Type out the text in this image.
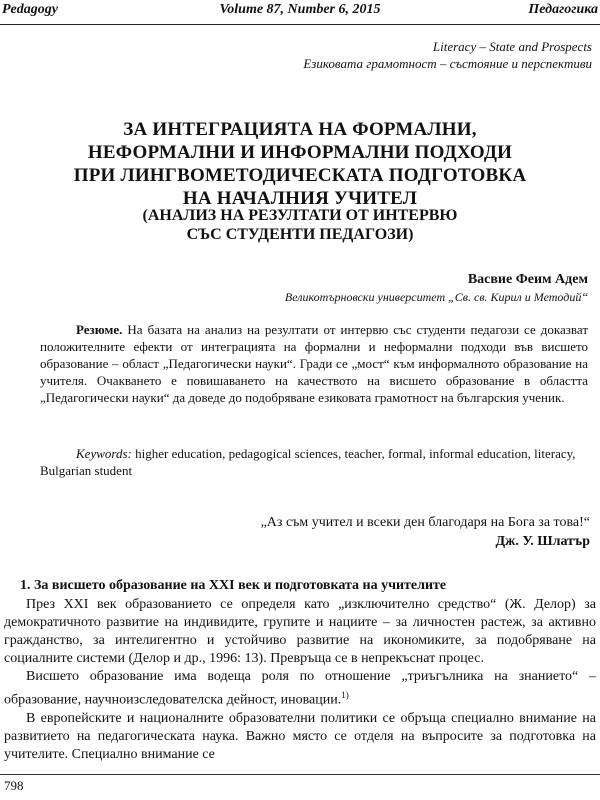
Pedagogy	Volume 87, Number 6, 2015	Педагогика
Literacy – State and Prospects
Езиковата грамотност – състояние и перспективи
ЗА ИНТЕГРАЦИЯТА НА ФОРМАЛНИ,
НЕФОРМАЛНИ И ИНФОРМАЛНИ ПОДХОДИ
ПРИ ЛИНГВОМЕТОДИЧЕСКАТА ПОДГОТОВКА
НА НАЧАЛНИЯ УЧИТЕЛ
(АНАЛИЗ НА РЕЗУЛТАТИ ОТ ИНТЕРВЮ
СЪС СТУДЕНТИ ПЕДАГОЗИ)
Васвие Феим Адем
Великотърновски университет „Св. св. Кирил и Методий“

Резюме. На базата на анализ на резултати от интервю със студенти педагози се доказват положителните ефекти от интеграцията на формални и неформални подходи във висшето образование – област „Педагогически науки“. Гради се „мост“ към информалното образование на учителя. Очакването е повишаването на качеството на висшето образование в областта „Педагогически науки“ да доведе до подобряване езиковата грамотност на българския ученик.

Keywords: higher education, pedagogical sciences, teacher, formal, informal education, literacy, Bulgarian student
„Аз съм учител и всеки ден благодаря на Бога за това!“
Дж. У. Шлатър
1. За висшето образование на XXI век и подготовката на учителите

През XXI век образованието се определя като „изключително средство“ (Ж. Делор) за демократичното развитие на индивидите, групите и нациите – за личностен растеж, за активно гражданство, за интелигентно и устойчиво развитие на икономиките, за подобряване на социалните системи (Делор и др., 1996: 13). Превръща се в непрекъснат процес.

Висшето образование има водеща роля по отношение „триъгълника на знанието“ – образование, научноизследователска дейност, иновации.$^{1)}$

В европейските и националните образователни политики се обръща специално внимание на развитието на педагогическата наука. Важно място се отделя на въпросите за подготовка на учителите. Специално внимание се

798
